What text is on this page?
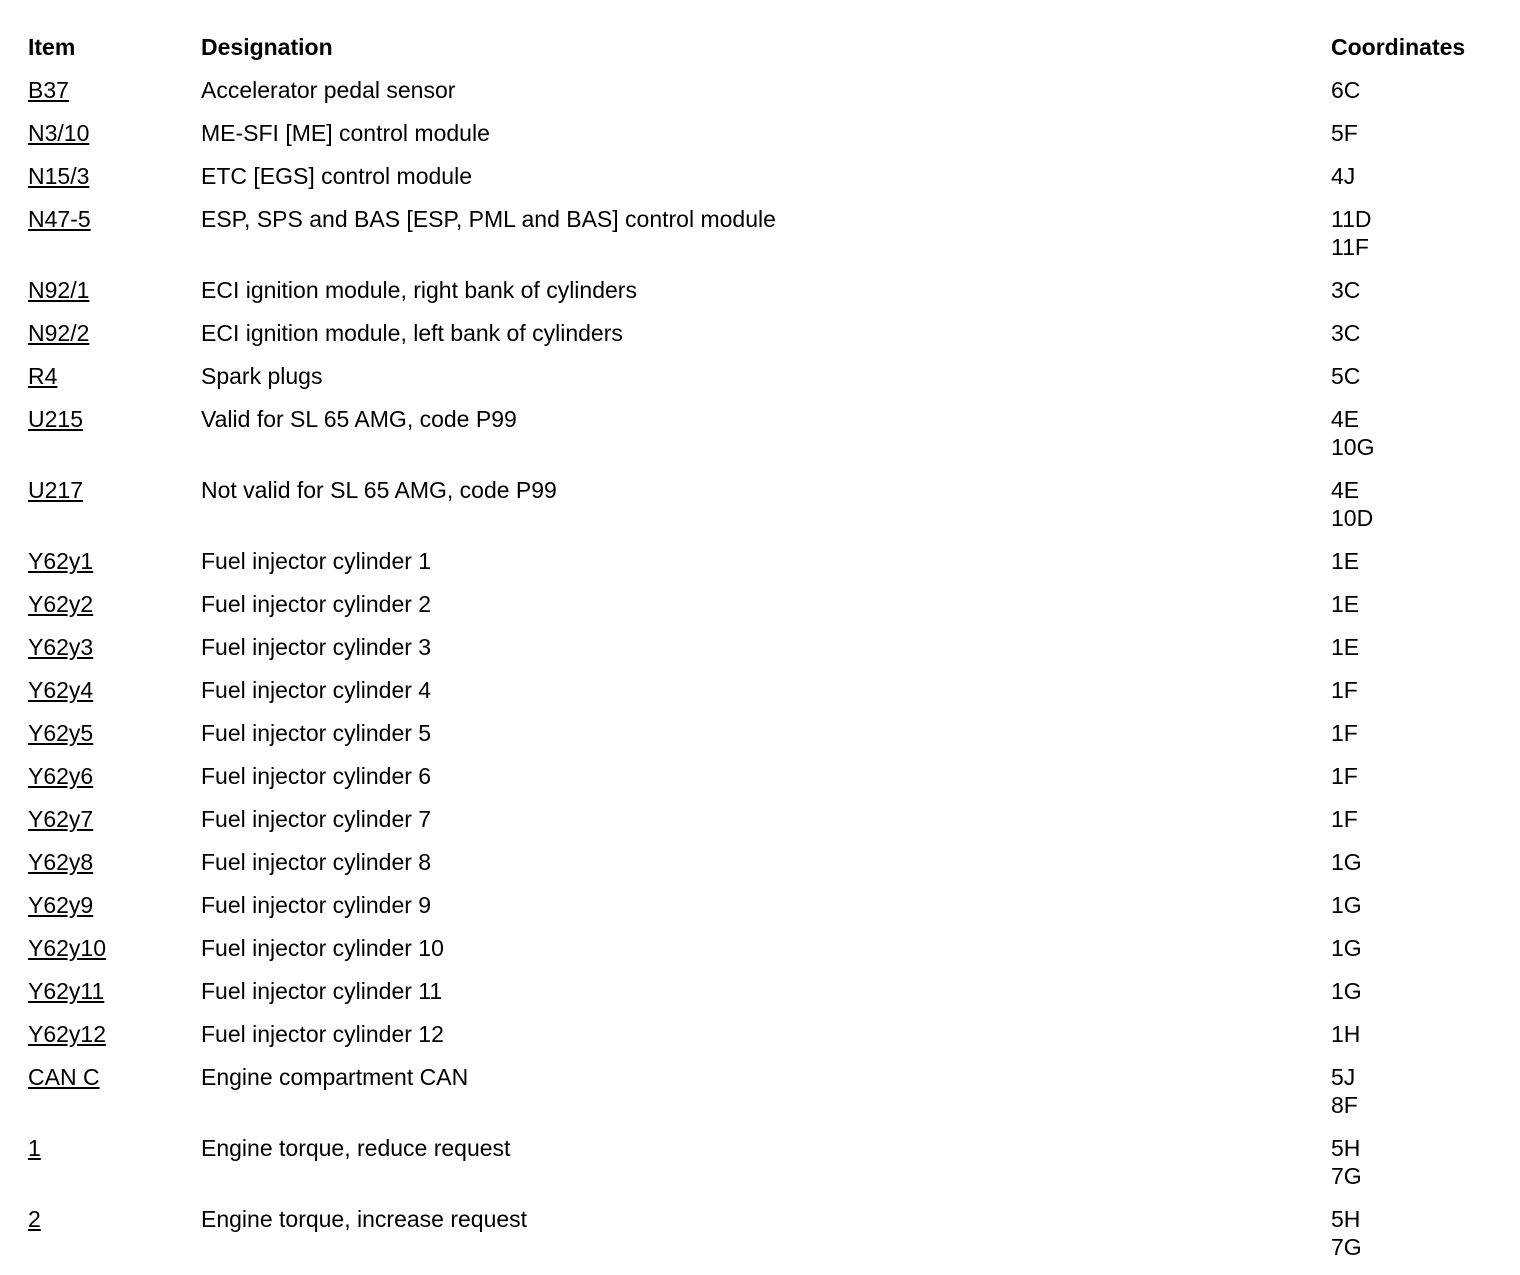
Item	Designation	Coordinates
B37	Accelerator pedal sensor	6C

N3/10	ME-SFI [ME] control module	5F

N15/3	ETC [EGS] control module	4J

N47-5	ESP, SPS and BAS [ESP, PML and BAS] control module	11D
11F

N92/1	ECI ignition module, right bank of cylinders	3C

N92/2	ECI ignition module, left bank of cylinders	3C

R4	Spark plugs	5C

U215	Valid for SL 65 AMG, code P99	4E
10G

U217	Not valid for SL 65 AMG, code P99	4E
10D

Y62y1	Fuel injector cylinder 1	1E

Y62y2	Fuel injector cylinder 2	1E

Y62y3	Fuel injector cylinder 3	1E

Y62y4	Fuel injector cylinder 4	1F

Y62y5	Fuel injector cylinder 5	1F

Y62y6	Fuel injector cylinder 6	1F

Y62y7	Fuel injector cylinder 7	1F

Y62y8	Fuel injector cylinder 8	1G

Y62y9	Fuel injector cylinder 9	1G

Y62y10	Fuel injector cylinder 10	1G

Y62y11	Fuel injector cylinder 11	1G

Y62y12	Fuel injector cylinder 12	1H

CAN C	Engine compartment CAN	5J
8F

1	Engine torque, reduce request	5H
7G

2	Engine torque, increase request	5H
7G
